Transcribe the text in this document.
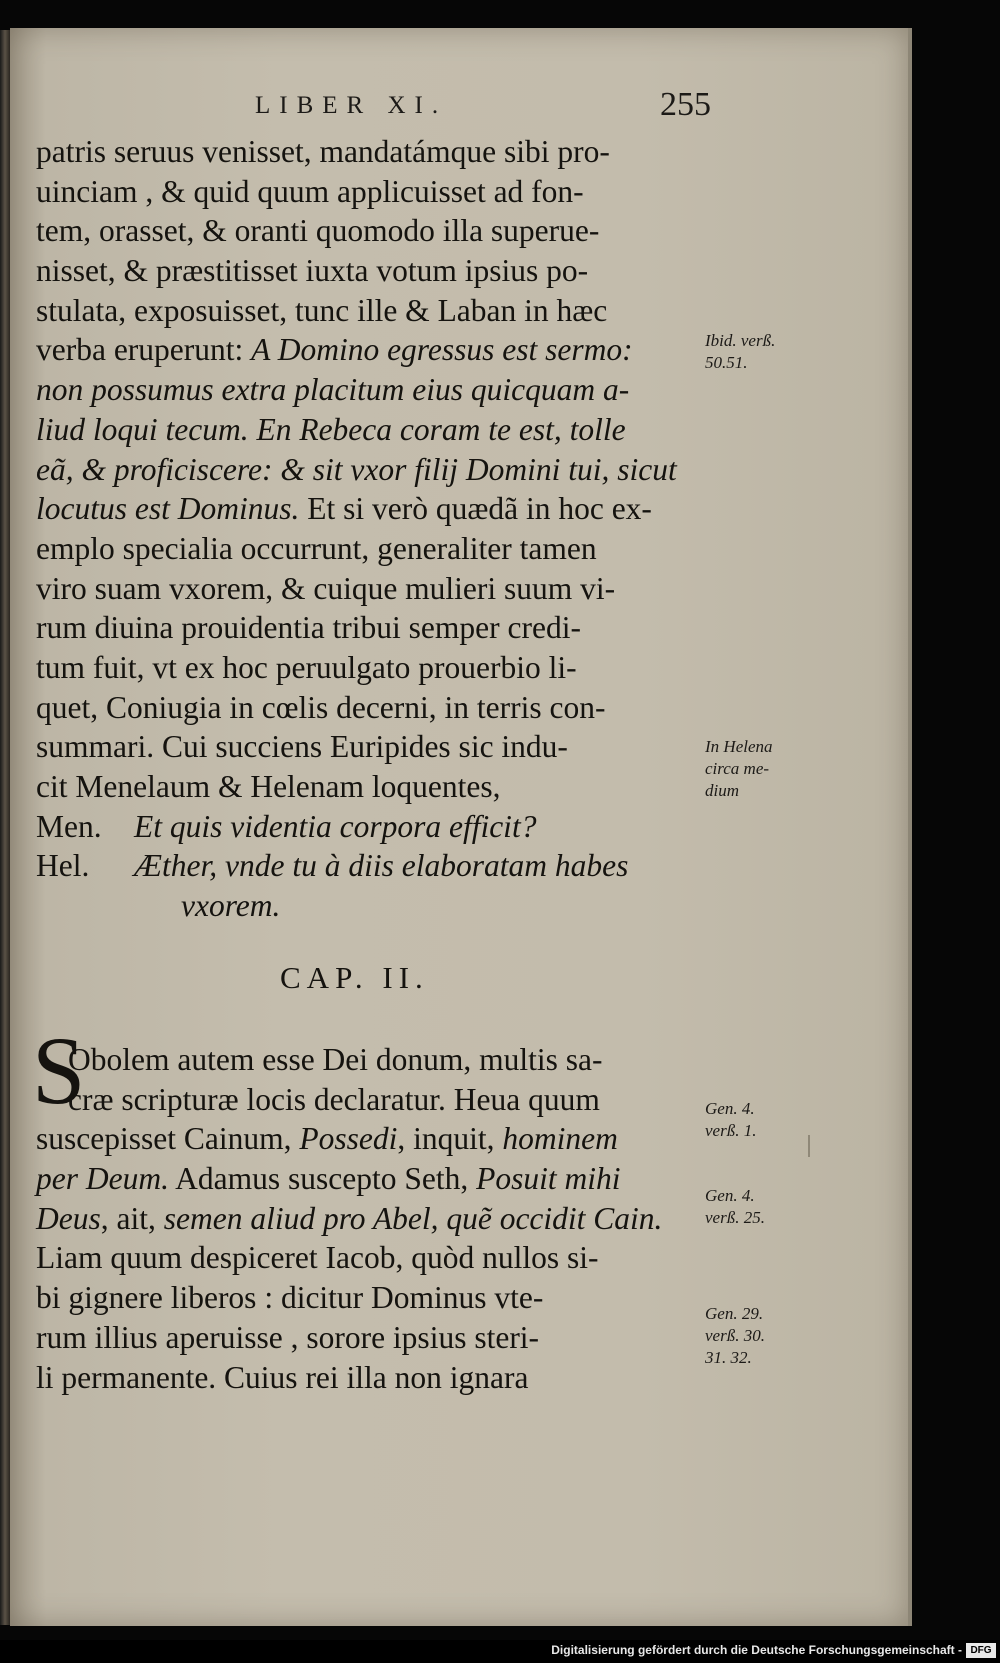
LIBER XI.	255
patris seruus venisset, mandatámque sibi pro-
uinciam , & quid quum applicuisset ad fon-
tem, orasset, & oranti quomodo illa superue-
nisset, & præstitisset iuxta votum ipsius po-
stulata, exposuisset, tunc ille & Laban in hæc
verba eruperunt: A Domino egressus est sermo:
non possumus extra placitum eius quicquam a-
liud loqui tecum. En Rebeca coram te est, tolle
eã, & proficiscere: & sit vxor filij Domini tui, sicut
locutus est Dominus. Et si verò quædã in hoc ex-
emplo specialia occurrunt, generaliter tamen
viro suam vxorem, & cuique mulieri suum vi-
rum diuina prouidentia tribui semper credi-
tum fuit, vt ex hoc peruulgato prouerbio li-
quet, Coniugia in cœlis decerni, in terris con-
summari. Cui succiens Euripides sic indu-
cit Menelaum & Helenam loquentes,
Men. Et quis videntia corpora efficit?
Hel. Æther, vnde tu à diis elaboratam habes
vxorem.
CAP. II.
S
Obolem autem esse Dei donum, multis sa-
cræ scripturæ locis declaratur. Heua quum
suscepisset Cainum, Possedi, inquit, hominem
per Deum. Adamus suscepto Seth, Posuit mihi
Deus, ait, semen aliud pro Abel, quẽ occidit Cain.
Liam quum despiceret Iacob, quòd nullos si-
bi gignere liberos : dicitur Dominus vte-
rum illius aperuisse , sorore ipsius steri-
li permanente. Cuius rei illa non ignara
Ibid. verß.
50.51.
In Helena
circa me-
dium
Gen. 4.
verß. 1.
Gen. 4.
verß. 25.
Gen. 29.
verß. 30.
31. 32.
Digitalisierung gefördert durch die Deutsche Forschungsgemeinschaft - DFG
